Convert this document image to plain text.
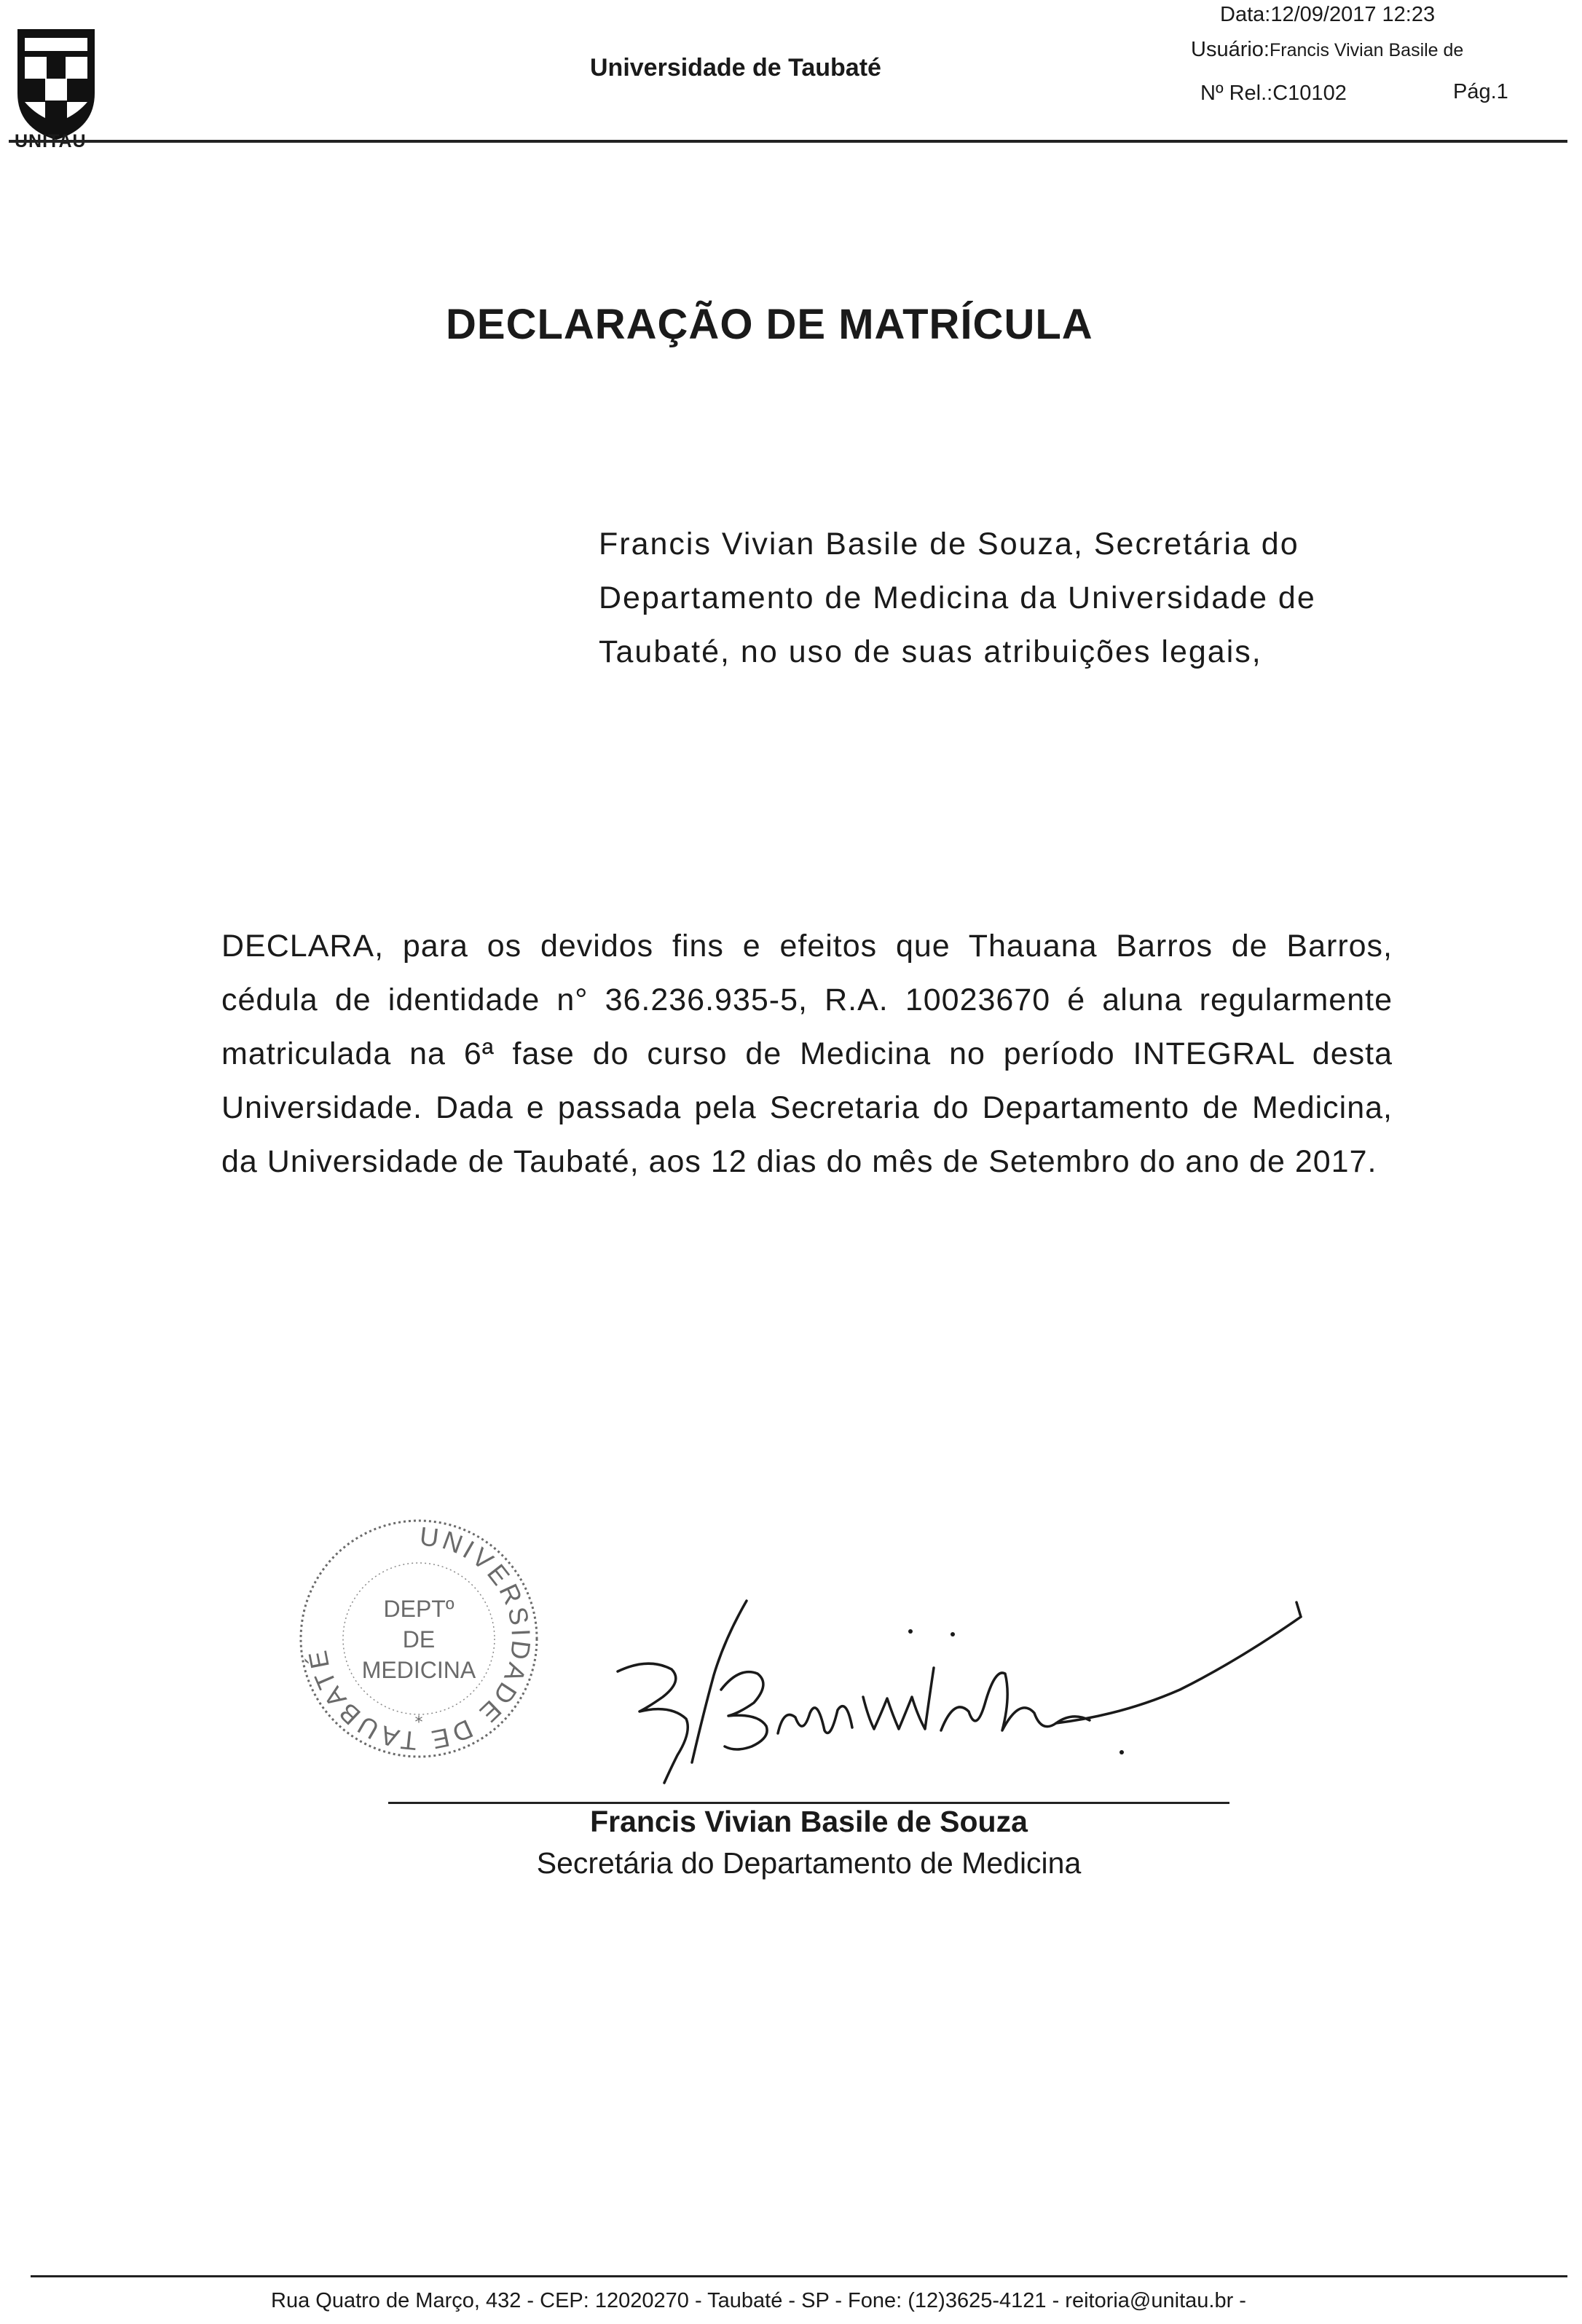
UNITAU
Universidade de Taubaté
Data:12/09/2017 12:23
Usuário:Francis Vivian Basile de
Nº Rel.:C10102	Pág.1
DECLARAÇÃO DE MATRÍCULA
Francis Vivian Basile de Souza, Secretária do Departamento de Medicina da Universidade de Taubaté, no uso de suas atribuições legais,
DECLARA, para os devidos fins e efeitos que Thauana Barros de Barros, cédula de identidade n° 36.236.935-5, R.A. 10023670 é aluna regularmente matriculada na 6ª fase do curso de Medicina no período INTEGRAL desta Universidade. Dada e passada pela Secretaria do Departamento de Medicina, da Universidade de Taubaté, aos 12 dias do mês de Setembro do ano de 2017.
UNIVERSIDADE DE TAUBATÉ
DEPTº
DE
MEDICINA
*
Francis Vivian Basile de Souza
Secretária do Departamento de Medicina
Rua Quatro de Março, 432 - CEP: 12020270 - Taubaté - SP - Fone: (12)3625-4121 - reitoria@unitau.br -
